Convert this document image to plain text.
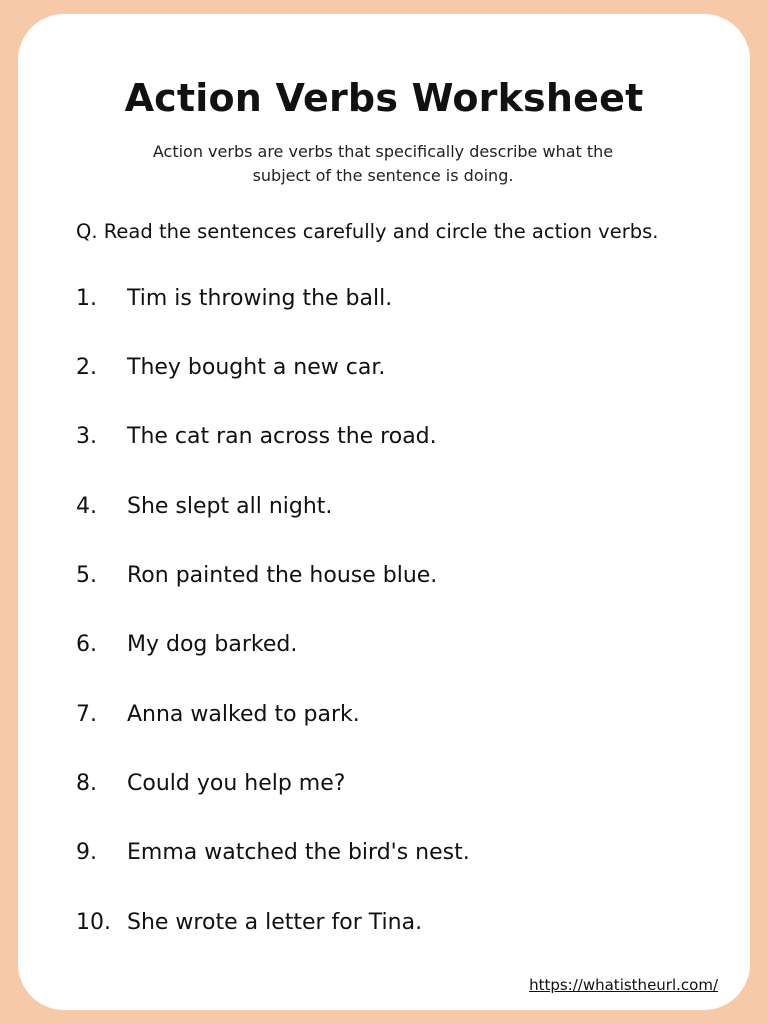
Action Verbs Worksheet
Action verbs are verbs that specifically describe what the
subject of the sentence is doing.
Q. Read the sentences carefully and circle the action verbs.
1.	Tim is throwing the ball.
2.	They bought a new car.
3.	The cat ran across the road.
4.	She slept all night.
5.	Ron painted the house blue.
6.	My dog barked.
7.	Anna walked to park.
8.	Could you help me?
9.	Emma watched the bird's nest.
10. She wrote a letter for Tina.
https://whatistheurl.com/
